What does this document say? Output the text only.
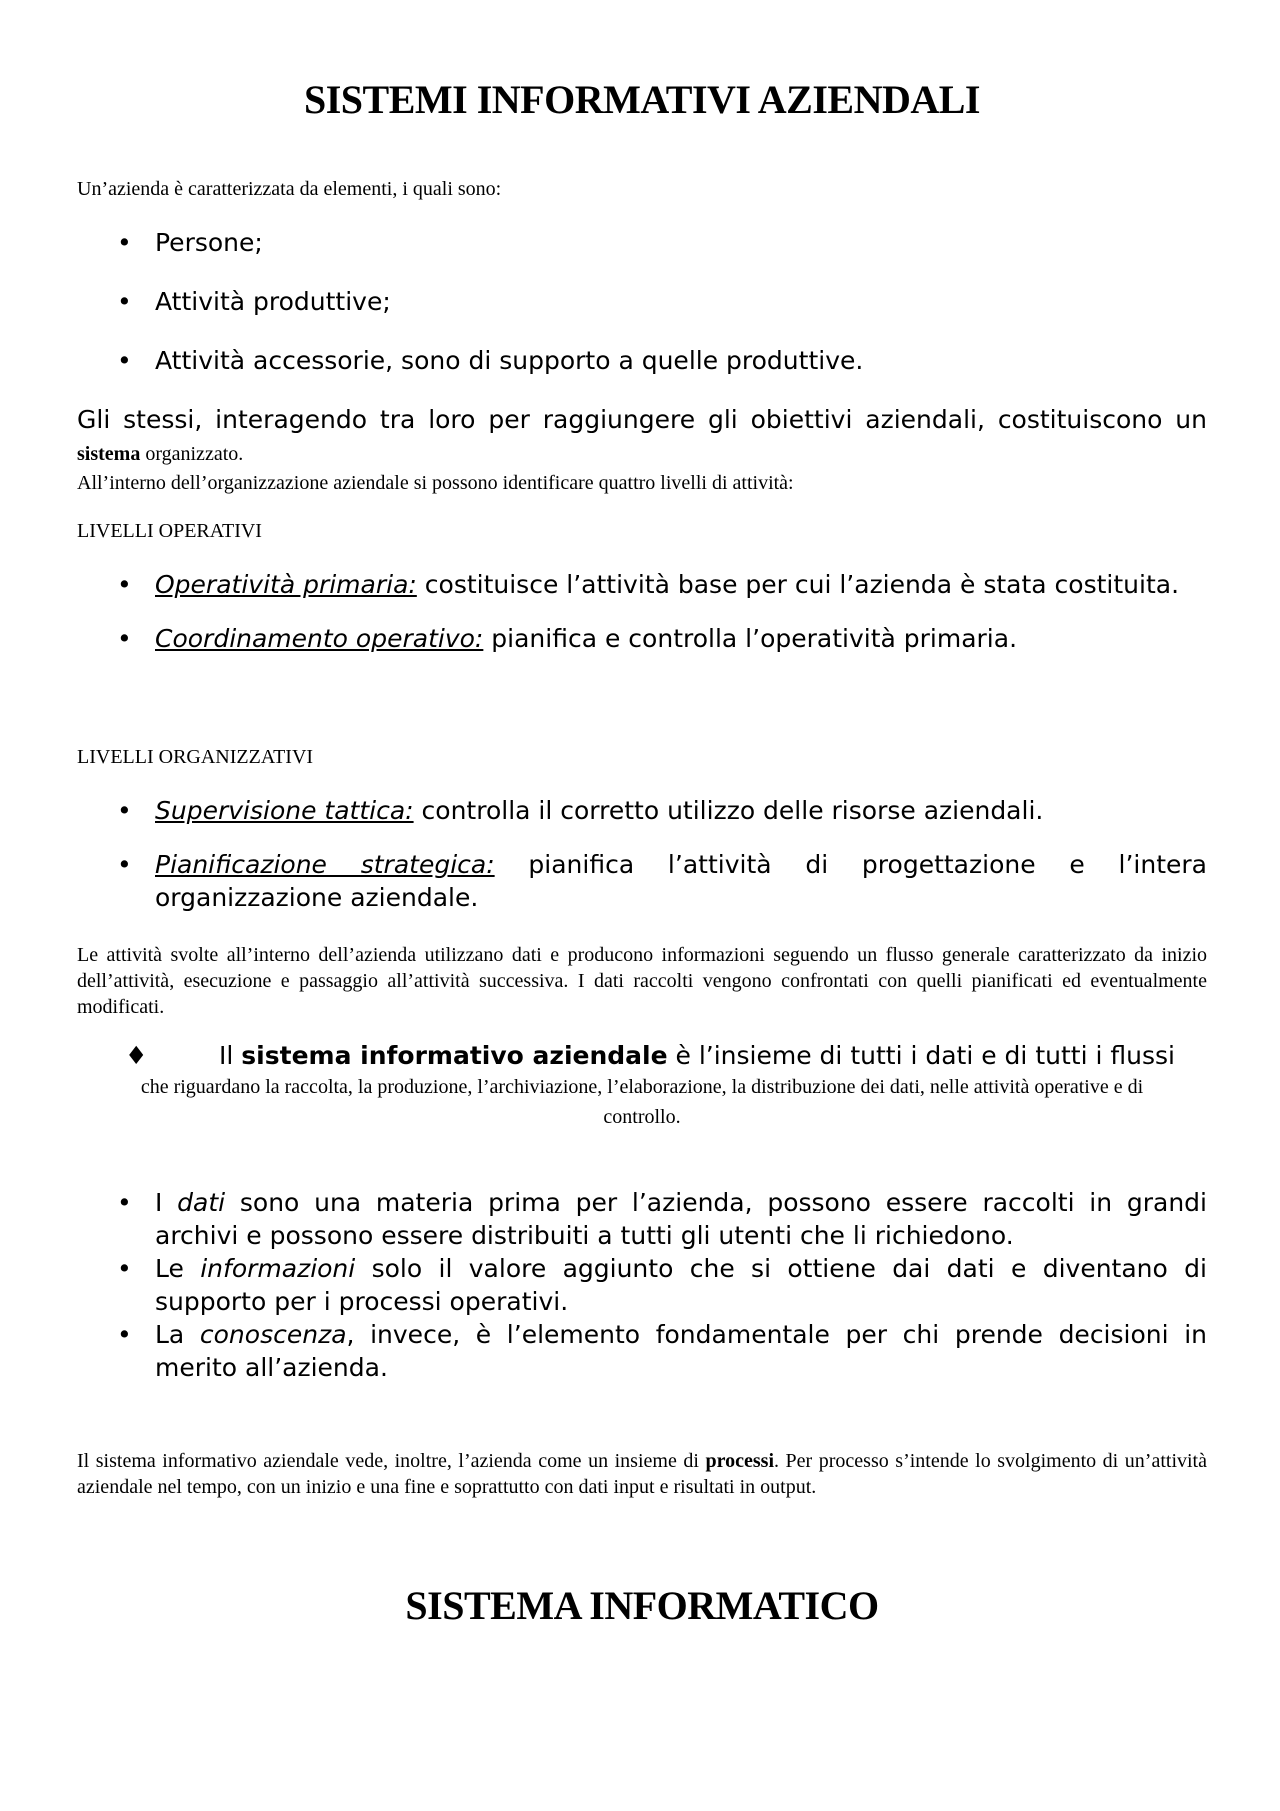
SISTEMI INFORMATIVI AZIENDALI
Un’azienda è caratterizzata da elementi, i quali sono:
• Persone;
• Attività produttive;
• Attività accessorie, sono di supporto a quelle produttive.
Gli stessi, interagendo tra loro per raggiungere gli obiettivi aziendali, costituiscono un sistema organizzato.
All’interno dell’organizzazione aziendale si possono identificare quattro livelli di attività:
LIVELLI OPERATIVI
• Operatività primaria: costituisce l’attività base per cui l’azienda è stata costituita.
• Coordinamento operativo: pianifica e controlla l’operatività primaria.
LIVELLI ORGANIZZATIVI
• Supervisione tattica: controlla il corretto utilizzo delle risorse aziendali.
• Pianificazione strategica: pianifica l’attività di progettazione e l’intera organizzazione aziendale.
Le attività svolte all’interno dell’azienda utilizzano dati e producono informazioni seguendo un flusso generale caratterizzato da inizio dell’attività, esecuzione e passaggio all’attività successiva. I dati raccolti vengono confrontati con quelli pianificati ed eventualmente modificati.
♦	Il sistema informativo aziendale è l’insieme di tutti i dati e di tutti i flussi
che riguardano la raccolta, la produzione, l’archiviazione, l’elaborazione, la distribuzione dei dati, nelle attività operative e di controllo.
• I dati sono una materia prima per l’azienda, possono essere raccolti in grandi archivi e possono essere distribuiti a tutti gli utenti che li richiedono.
• Le informazioni solo il valore aggiunto che si ottiene dai dati e diventano di supporto per i processi operativi.
• La conoscenza, invece, è l’elemento fondamentale per chi prende decisioni in merito all’azienda.
Il sistema informativo aziendale vede, inoltre, l’azienda come un insieme di processi. Per processo s’intende lo svolgimento di un’attività aziendale nel tempo, con un inizio e una fine e soprattutto con dati input e risultati in output.
SISTEMA INFORMATICO
